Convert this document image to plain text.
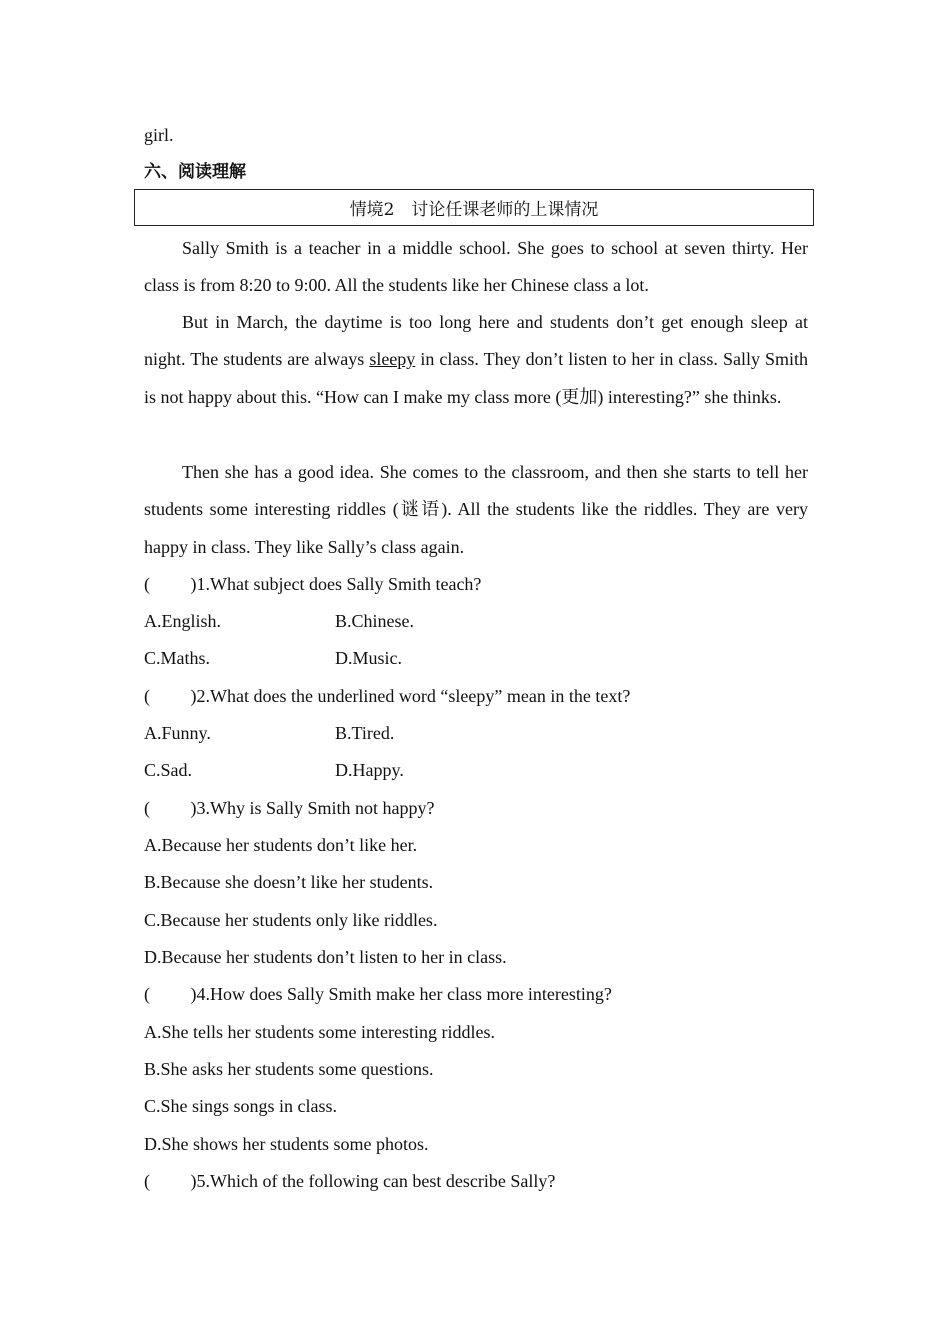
girl.
六、阅读理解
情境2　讨论任课老师的上课情况
Sally Smith is a teacher in a middle school. She goes to school at seven thirty. Her class is from 8:20 to 9:00. All the students like her Chinese class a lot.
But in March, the daytime is too long here and students don’t get enough sleep at night. The students are always sleepy in class. They don’t listen to her in class. Sally Smith is not happy about this. “How can I make my class more (更加) interesting?” she thinks.
Then she has a good idea. She comes to the classroom, and then she starts to tell her students some interesting riddles (谜语). All the students like the riddles. They are very happy in class. They like Sally’s class again.
(　　 )1.What subject does Sally Smith teach?
A.English.	B.Chinese.
C.Maths.	D.Music.
(　　 )2.What does the underlined word “sleepy” mean in the text?
A.Funny.	B.Tired.
C.Sad.	D.Happy.
(　　 )3.Why is Sally Smith not happy?
A.Because her students don’t like her.
B.Because she doesn’t like her students.
C.Because her students only like riddles.
D.Because her students don’t listen to her in class.
(　　 )4.How does Sally Smith make her class more interesting?
A.She tells her students some interesting riddles.
B.She asks her students some questions.
C.She sings songs in class.
D.She shows her students some photos.
(　　 )5.Which of the following can best describe Sally?
